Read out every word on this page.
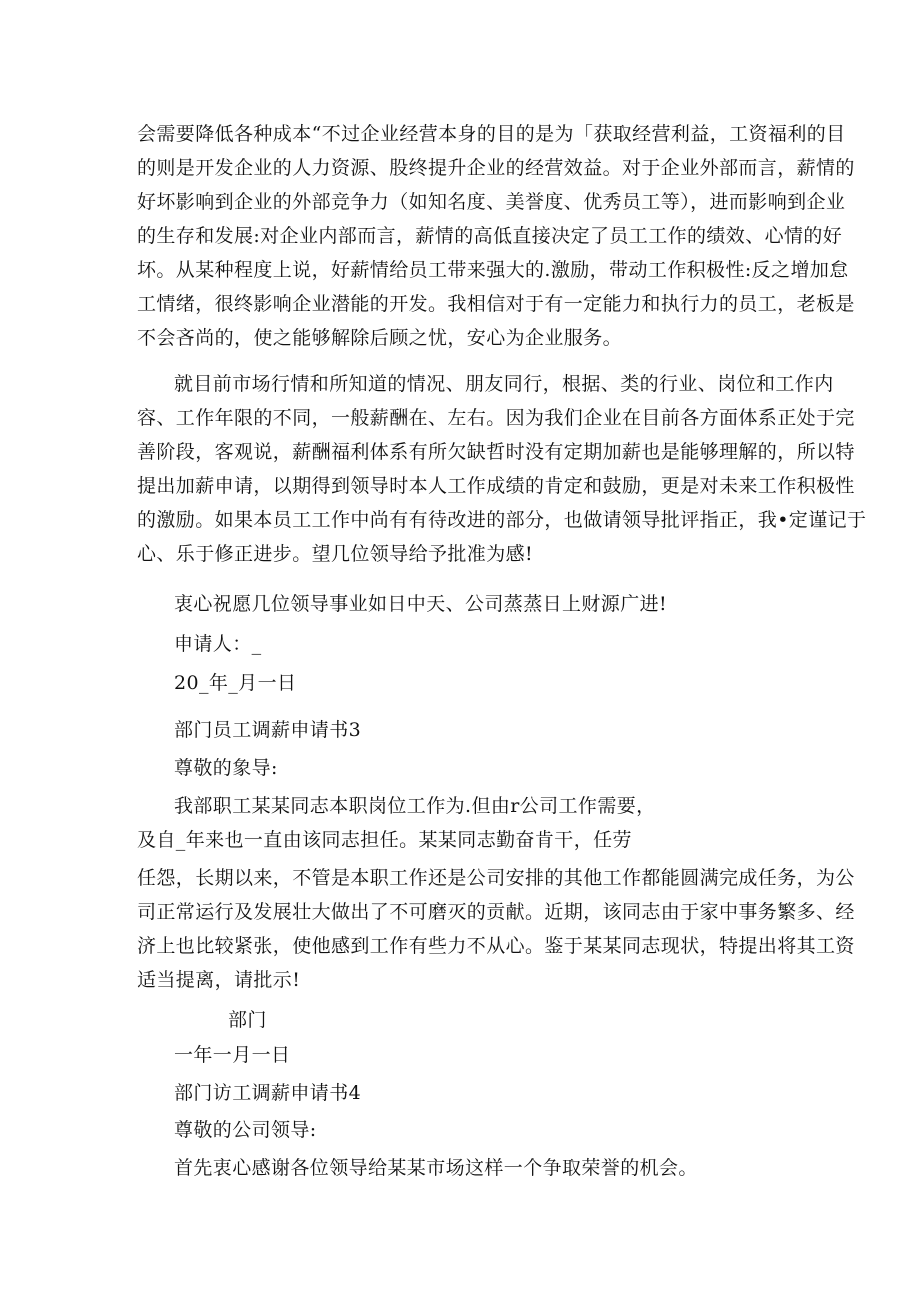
会需要降低各种成本“不过企业经营本身的目的是为「获取经营利益，工资福利的目
的则是开发企业的人力资源、股终提升企业的经营效益。对于企业外部而言，薪情的
好坏影响到企业的外部竞争力（如知名度、美誉度、优秀员工等），进而影响到企业
的生存和发展:对企业内部而言，薪情的高低直接决定了员工工作的绩效、心情的好
坏。从某种程度上说，好薪情给员工带来强大的.激励，带动工作积极性:反之增加怠
工情绪，很终影响企业潜能的开发。我相信对于有一定能力和执行力的员工，老板是
不会吝尚的，使之能够解除后顾之忧，安心为企业服务。
就目前市场行情和所知道的情况、朋友同行，根据、类的行业、岗位和工作内
容、工作年限的不同，一般薪酬在、左右。因为我们企业在目前各方面体系正处于完
善阶段，客观说，薪酬福利体系有所欠缺哲时没有定期加薪也是能够理解的，所以特
提出加薪申请，以期得到领导时本人工作成绩的肯定和鼓励，更是对未来工作积极性
的激励。如果本员工工作中尚有有待改进的部分，也做请领导批评指正，我•定谨记于
心、乐于修正进步。望几位领导给予批准为感!
衷心祝愿几位领导事业如日中天、公司蒸蒸日上财源广进!
申请人：_
20_年_月一日
部门员工调薪申请书3
尊敬的象导:
我部职工某某同志本职岗位工作为.但由r公司工作需要，
及自_年来也一直由该同志担任。某某同志勤奋肯干，任劳
任怨，长期以来，不管是本职工作还是公司安排的其他工作都能圆满完成任务，为公
司正常运行及发展壮大做出了不可磨灭的贡献。近期，该同志由于家中事务繁多、经
济上也比较紧张，使他感到工作有些力不从心。鉴于某某同志现状，特提出将其工资
适当提离，请批示!
部门
一年一月一日
部门访工调薪申请书4
尊敬的公司领导:
首先衷心感谢各位领导给某某市场这样一个争取荣誉的机会。
